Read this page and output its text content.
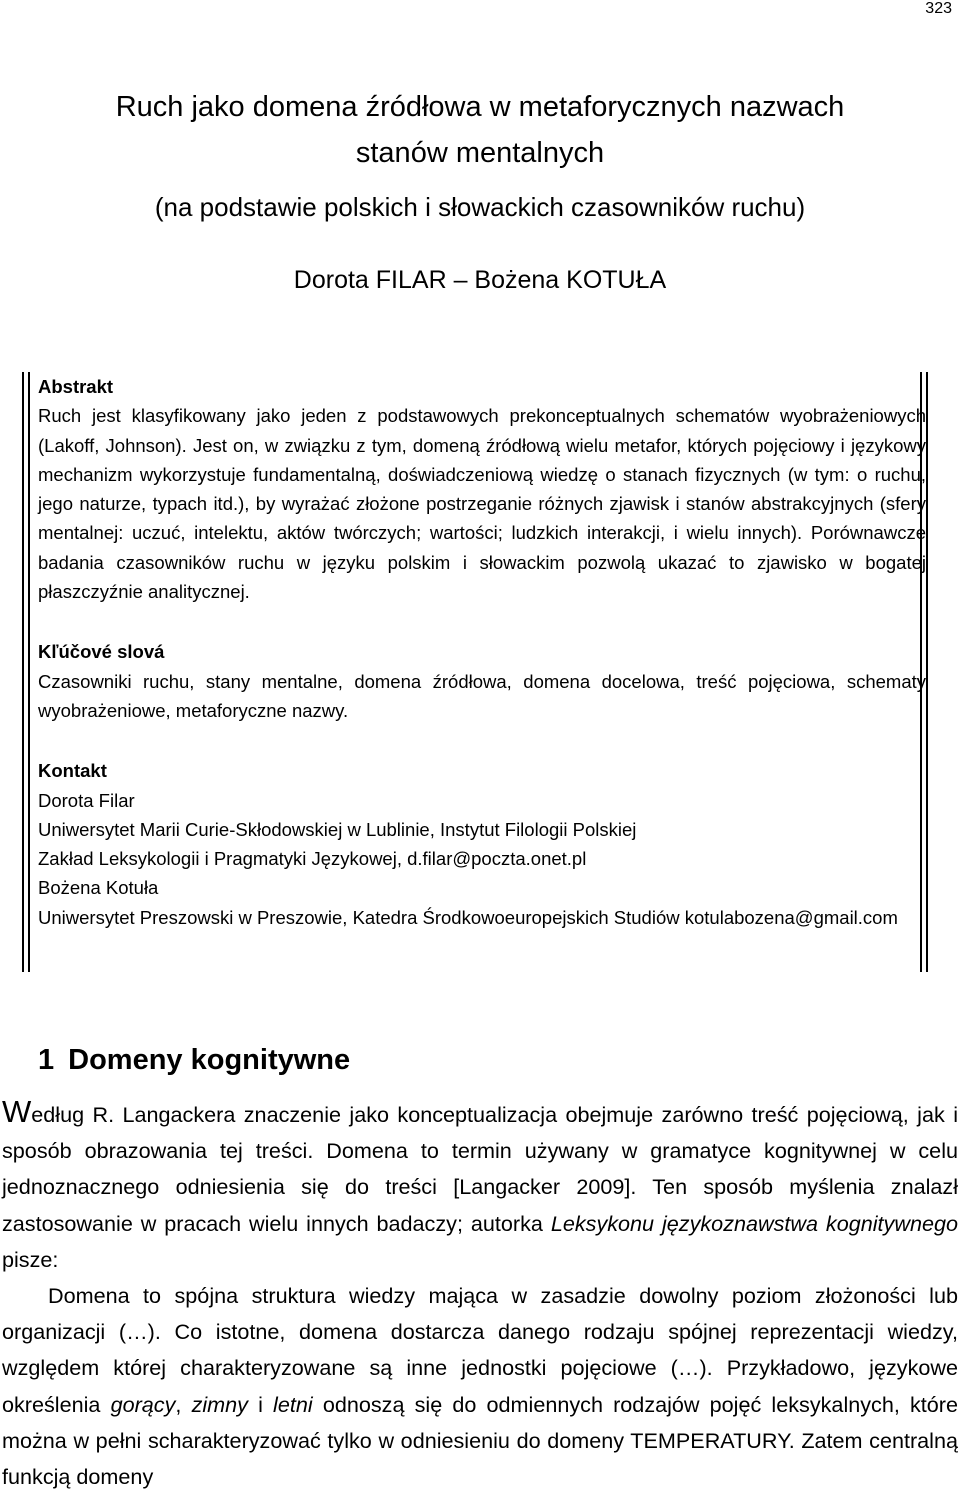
323
Ruch jako domena źródłowa w metaforycznych nazwach
stanów mentalnych
(na podstawie polskich i słowackich czasowników ruchu)
Dorota FILAR – Bożena KOTUŁA
Abstrakt

Ruch jest klasyfikowany jako jeden z podstawowych prekonceptualnych schematów wyobrażeniowych (Lakoff, Johnson). Jest on, w związku z tym, domeną źródłową wielu metafor, których pojęciowy i językowy mechanizm wykorzystuje fundamentalną, doświadczeniową wiedzę o stanach fizycznych (w tym: o ruchu, jego naturze, typach itd.), by wyrażać złożone postrzeganie różnych zjawisk i stanów abstrakcyjnych (sfery mentalnej: uczuć, intelektu, aktów twórczych; wartości; ludzkich interakcji, i wielu innych). Porównawcze badania czasowników ruchu w języku polskim i słowackim pozwolą ukazać to zjawisko w bogatej płaszczyźnie analitycznej.

Kľúčové slová

Czasowniki ruchu, stany mentalne, domena źródłowa, domena docelowa, treść pojęciowa, schematy wyobrażeniowe, metaforyczne nazwy.

Kontakt

Dorota Filar

Uniwersytet Marii Curie-Skłodowskiej w Lublinie, Instytut Filologii Polskiej

Zakład Leksykologii i Pragmatyki Językowej, d.filar@poczta.onet.pl

Bożena Kotuła

Uniwersytet Preszowski w Preszowie, Katedra Środkowoeuropejskich Studiów kotulabozena@gmail.com

1 Domeny kognitywne

Według R. Langackera znaczenie jako konceptualizacja obejmuje zarówno treść pojęciową, jak i sposób obrazowania tej treści. Domena to termin używany w gramatyce kognitywnej w celu jednoznacznego odniesienia się do treści [Langacker 2009]. Ten sposób myślenia znalazł zastosowanie w pracach wielu innych badaczy; autorka Leksykonu językoznawstwa kognitywnego pisze:

Domena to spójna struktura wiedzy mająca w zasadzie dowolny poziom złożoności lub organizacji (…). Co istotne, domena dostarcza danego rodzaju spójnej reprezentacji wiedzy, względem której charakteryzowane są inne jednostki pojęciowe (…). Przykładowo, językowe określenia gorący, zimny i letni odnoszą się do odmiennych rodzajów pojęć leksykalnych, które można w pełni scharakteryzować tylko w odniesieniu do domeny TEMPERATURY. Zatem centralną funkcją domeny
